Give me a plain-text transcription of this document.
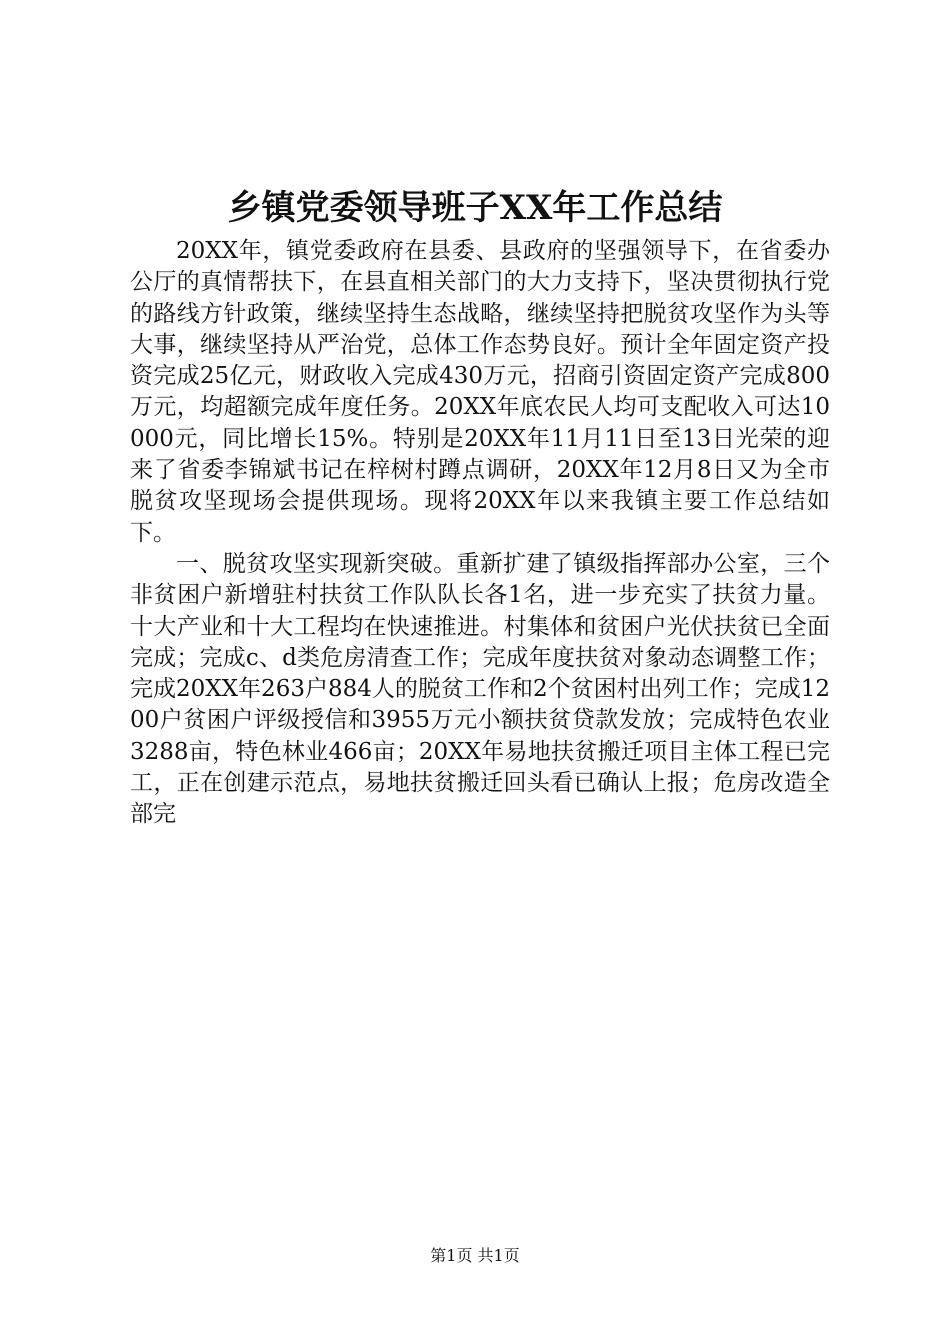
乡镇党委领导班子XX年工作总结

20XX年，镇党委政府在县委、县政府的坚强领导下，在省委办公厅的真情帮扶下，在县直相关部门的大力支持下，坚决贯彻执行党的路线方针政策，继续坚持生态战略，继续坚持把脱贫攻坚作为头等大事，继续坚持从严治党，总体工作态势良好。预计全年固定资产投资完成25亿元，财政收入完成430万元，招商引资固定资产完成800万元，均超额完成年度任务。20XX年底农民人均可支配收入可达10000元，同比增长15%。特别是20XX年11月11日至13日光荣的迎来了省委李锦斌书记在梓树村蹲点调研，20XX年12月8日又为全市脱贫攻坚现场会提供现场。现将20XX年以来我镇主要工作总结如下。

一、脱贫攻坚实现新突破。重新扩建了镇级指挥部办公室，三个非贫困户新增驻村扶贫工作队队长各1名，进一步充实了扶贫力量。十大产业和十大工程均在快速推进。村集体和贫困户光伏扶贫已全面完成；完成c、d类危房清查工作；完成年度扶贫对象动态调整工作；完成20XX年263户884人的脱贫工作和2个贫困村出列工作；完成1200户贫困户评级授信和3955万元小额扶贫贷款发放；完成特色农业3288亩，特色林业466亩；20XX年易地扶贫搬迁项目主体工程已完工，正在创建示范点，易地扶贫搬迁回头看已确认上报；危房改造全部完

第1页 共1页
